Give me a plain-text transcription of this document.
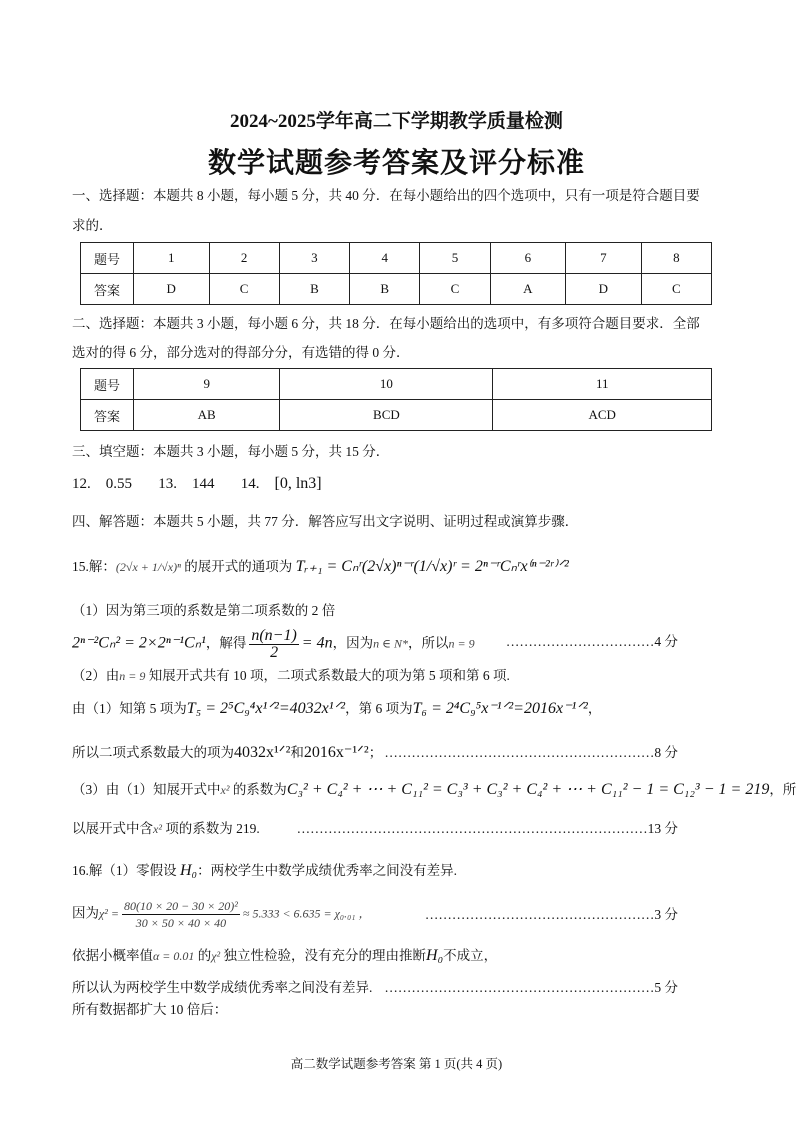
2024~2025学年高二下学期教学质量检测
数学试题参考答案及评分标准
一、选择题：本题共 8 小题，每小题 5 分，共 40 分．在每小题给出的四个选项中，只有一项是符合题目要
求的．
题号	1	2	3	4	5	6	7	8
答案	D	C	B	B	C	A	D	C
二、选择题：本题共 3 小题，每小题 6 分，共 18 分．在每小题给出的选项中，有多项符合题目要求．全部
选对的得 6 分，部分选对的得部分分，有选错的得 0 分．
题号	9	10	11
答案	AB	BCD	ACD
三、填空题：本题共 3 小题，每小题 5 分，共 15 分．
12. 0.55 13. 144 14. [0, ln3]
四、解答题：本题共 5 小题，共 77 分．解答应写出文字说明、证明过程或演算步骤．
15.解：(2√x + 1/√x)ⁿ 的展开式的通项为 Tᵣ₊₁ = Cₙʳ(2√x)ⁿ⁻ʳ(1/√x)ʳ = 2ⁿ⁻ʳCₙʳx⁽ⁿ⁻²ʳ⁾ᐟ²
（1）因为第三项的系数是第二项系数的 2 倍
2ⁿ⁻²Cₙ² = 2×2ⁿ⁻¹Cₙ¹，解得 $\frac{n(n-1)}{2} = 4n$，因为n ∈ N*，所以n = 9 ……………………………4 分
（2）由n = 9 知展开式共有 10 项，二项式系数最大的项为第 5 项和第 6 项.
由（1）知第 5 项为T₅ = 2⁵C₉⁴x¹ᐟ²=4032x¹ᐟ²，第 6 项为T₆ = 2⁴C₉⁵x⁻¹ᐟ²=2016x⁻¹ᐟ²，
所以二项式系数最大的项为4032x¹ᐟ²和2016x⁻¹ᐟ²； ……………………………………………………8 分
（3）由（1）知展开式中x² 的系数为C₃² + C₄² + ⋯ + C₁₁² = C₃³ + C₃² + C₄² + ⋯ + C₁₁² − 1 = C₁₂³ − 1 = 219，所
以展开式中含x² 项的系数为 219.	……………………………………………………………………13 分
16.解（1）零假设 H₀：两校学生中数学成绩优秀率之间没有差异.
因为$\chi^2 = \frac{\text{80(10 × 20 − 30 × 20)²}}{30 \times 50 \times 40 \times 40} \approx 5.333 < 6.635 = \chi_0._{01}$ ，	……………………………………………3 分
依据小概率值α = 0.01 的χ² 独立性检验，没有充分的理由推断H₀不成立，
所以认为两校学生中数学成绩优秀率之间没有差异. ……………………………………………………5 分
所有数据都扩大 10 倍后：
高二数学试题参考答案 第 1 页(共 4 页)
